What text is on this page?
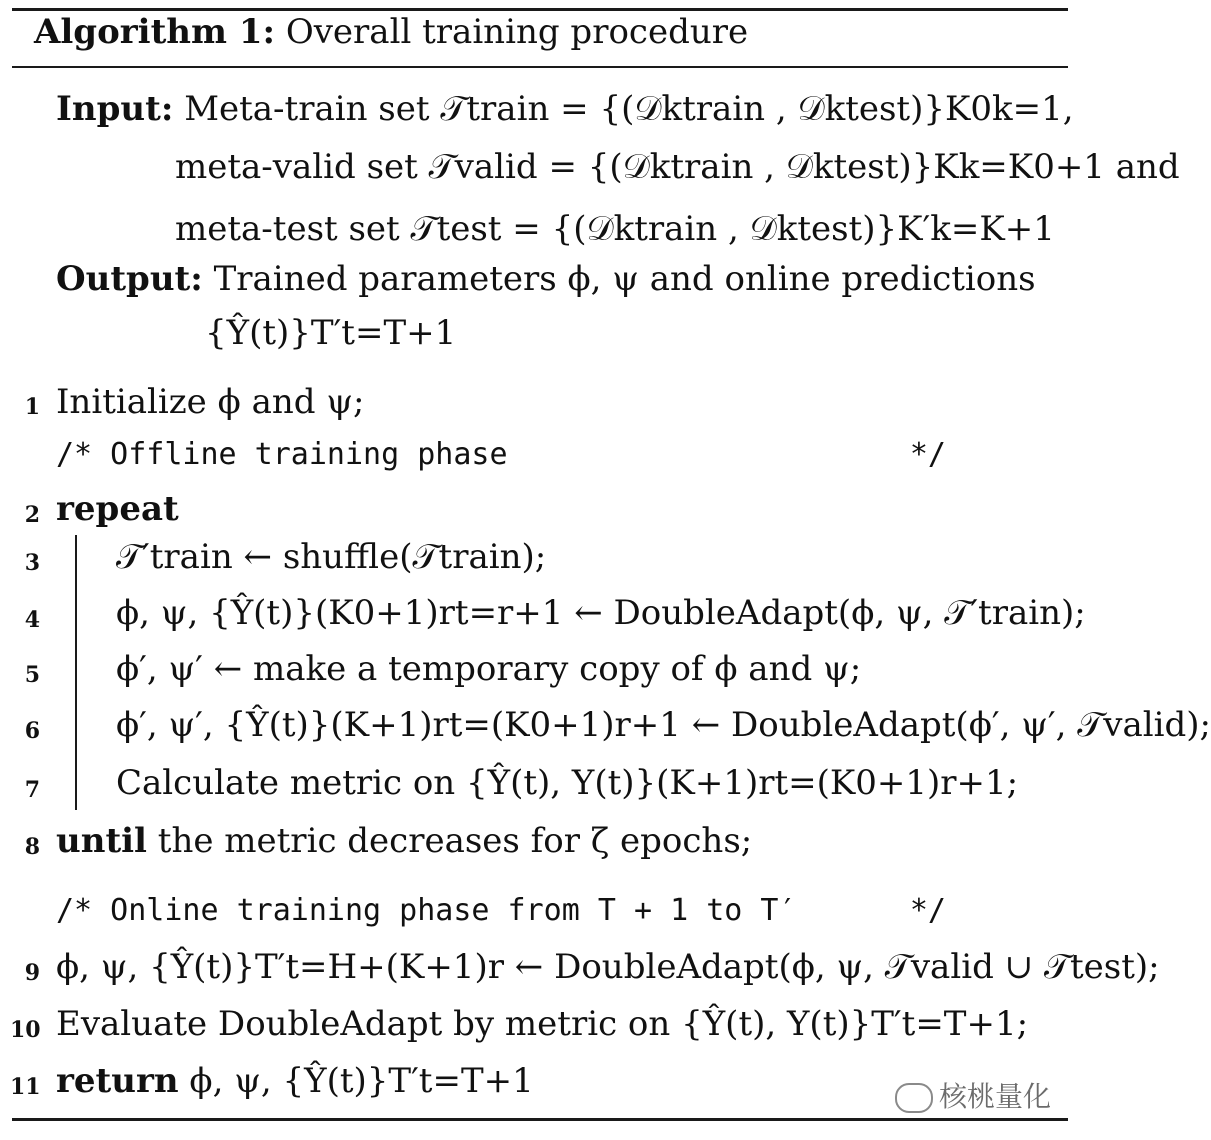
Algorithm 1: Overall training procedure
Input: Meta-train set 𝒯train = {(𝒟ktrain , 𝒟ktest)}K0k=1,
meta-valid set 𝒯valid = {(𝒟ktrain , 𝒟ktest)}Kk=K0+1 and
meta-test set 𝒯test = {(𝒟ktrain , 𝒟ktest)}K′k=K+1
Output: Trained parameters ϕ, ψ and online predictions
{Ŷ(t)}T′t=T+1
1 Initialize ϕ and ψ;
/* Offline training phase	*/
2 repeat
3 𝒯′train ← shuffle(𝒯train);
4 ϕ, ψ, {Ŷ(t)}(K0+1)rt=r+1 ← DoubleAdapt(ϕ, ψ, 𝒯′train);
5 ϕ′, ψ′ ← make a temporary copy of ϕ and ψ;
6 ϕ′, ψ′, {Ŷ(t)}(K+1)rt=(K0+1)r+1 ← DoubleAdapt(ϕ′, ψ′, 𝒯valid);
7 Calculate metric on {Ŷ(t), Y(t)}(K+1)rt=(K0+1)r+1;
8 until the metric decreases for ζ epochs;
/* Online training phase from T + 1 to T′	*/
9 ϕ, ψ, {Ŷ(t)}T′t=H+(K+1)r ← DoubleAdapt(ϕ, ψ, 𝒯valid ∪ 𝒯test);
10 Evaluate DoubleAdapt by metric on {Ŷ(t), Y(t)}T′t=T+1;
11 return ϕ, ψ, {Ŷ(t)}T′t=T+1	核桃量化
